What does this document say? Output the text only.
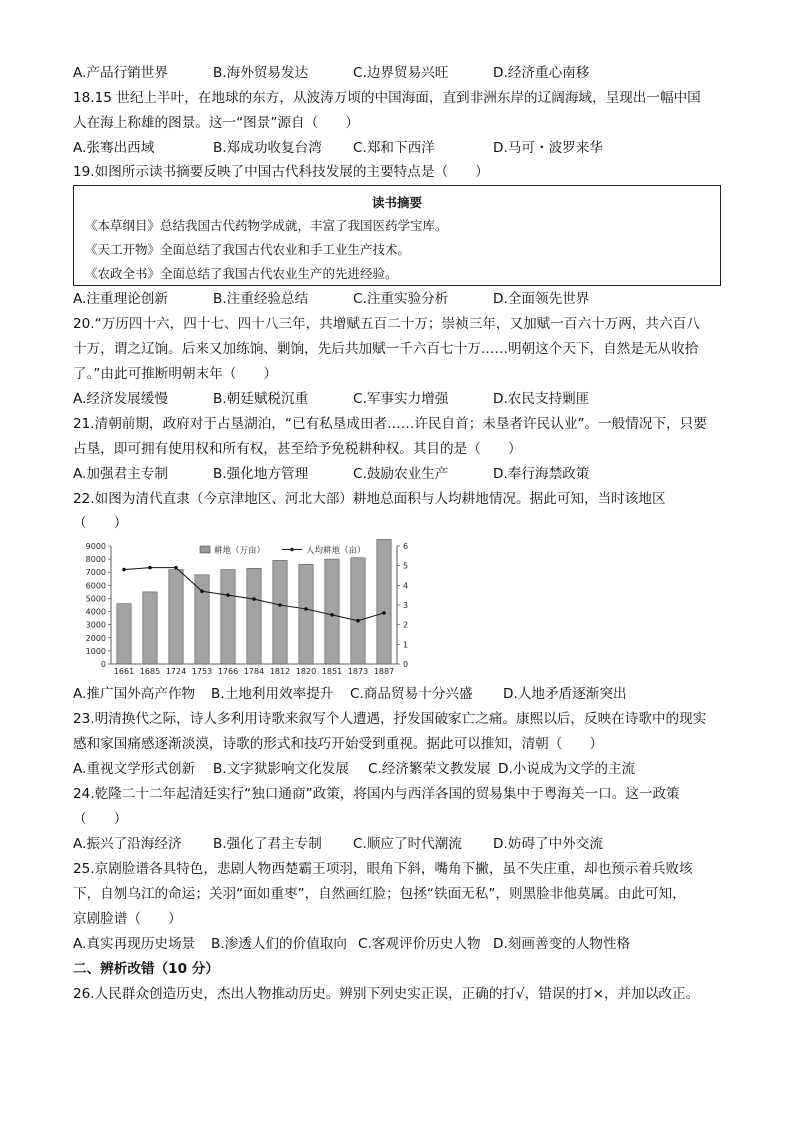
A.产品行销世界	B.海外贸易发达	C.边界贸易兴旺	D.经济重心南移
18.15 世纪上半叶，在地球的东方，从波涛万顷的中国海面，直到非洲东岸的辽阔海域，呈现出一幅中国
人在海上称雄的图景。这一“图景”源自（　　）
A.张骞出西域	B.郑成功收复台湾 C.郑和下西洋	D.马可・波罗来华
19.如图所示读书摘要反映了中国古代科技发展的主要特点是（　　）
读书摘要
《本草纲目》总结我国古代药物学成就，丰富了我国医药学宝库。
《天工开物》全面总结了我国古代农业和手工业生产技术。
《农政全书》全面总结了我国古代农业生产的先进经验。
A.注重理论创新	B.注重经验总结	C.注重实验分析	D.全面领先世界
20.“万历四十六，四十七、四十八三年，共增赋五百二十万；崇祯三年，又加赋一百六十万两，共六百八
十万，谓之辽饷。后来又加练饷、剿饷，先后共加赋一千六百七十万……明朝这个天下，自然是无从收拾
了。”由此可推断明朝末年（　　）
A.经济发展缓慢	B.朝廷赋税沉重	C.军事实力增强	D.农民支持剿匪
21.清朝前期，政府对于占垦湖泊，“已有私垦成田者……许民自首；未垦者许民认业”。一般情况下，只要
占垦，即可拥有使用权和所有权，甚至给予免税耕种权。其目的是（　　）
A.加强君主专制	B.强化地方管理	C.鼓励农业生产	D.奉行海禁政策
22.如图为清代直隶（今京津地区、河北大部）耕地总面积与人均耕地情况。据此可知，当时该地区
（　　）
耕地（万亩）	人均耕地（亩）
0
1000
2000
3000
4000
5000
6000
7000
8000
9000
0
1
2
3
4
5
6
1661 1685 1724 1753 1766 1784 1812 1820 1851 1873 1887
A.推广国外高产作物 B.土地利用效率提升 C.商品贸易十分兴盛 D.人地矛盾逐渐突出
23.明清换代之际，诗人多利用诗歌来叙写个人遭遇，抒发国破家亡之痛。康熙以后，反映在诗歌中的现实
感和家国痛感逐渐淡漠，诗歌的形式和技巧开始受到重视。据此可以推知，清朝（　　）
A.重视文学形式创新 B.文字狱影响文化发展 C.经济繁荣文教发展 D.小说成为文学的主流
24.乾隆二十二年起清廷实行“独口通商”政策，将国内与西洋各国的贸易集中于粤海关一口。这一政策
（　　）
A.振兴了沿海经济 B.强化了君主专制 C.顺应了时代潮流 D.妨碍了中外交流
25.京剧脸谱各具特色，悲剧人物西楚霸王项羽，眼角下斜，嘴角下撇，虽不失庄重，却也预示着兵败垓
下，自刎乌江的命运；关羽“面如重枣”，自然画红脸；包拯“铁面无私”，则黑脸非他莫属。由此可知，
京剧脸谱（　　）
A.真实再现历史场景 B.渗透人们的价值取向 C.客观评价历史人物 D.刻画善变的人物性格
二、辨析改错（10 分）
26.人民群众创造历史，杰出人物推动历史。辨别下列史实正误，正确的打√，错误的打×，并加以改正。
